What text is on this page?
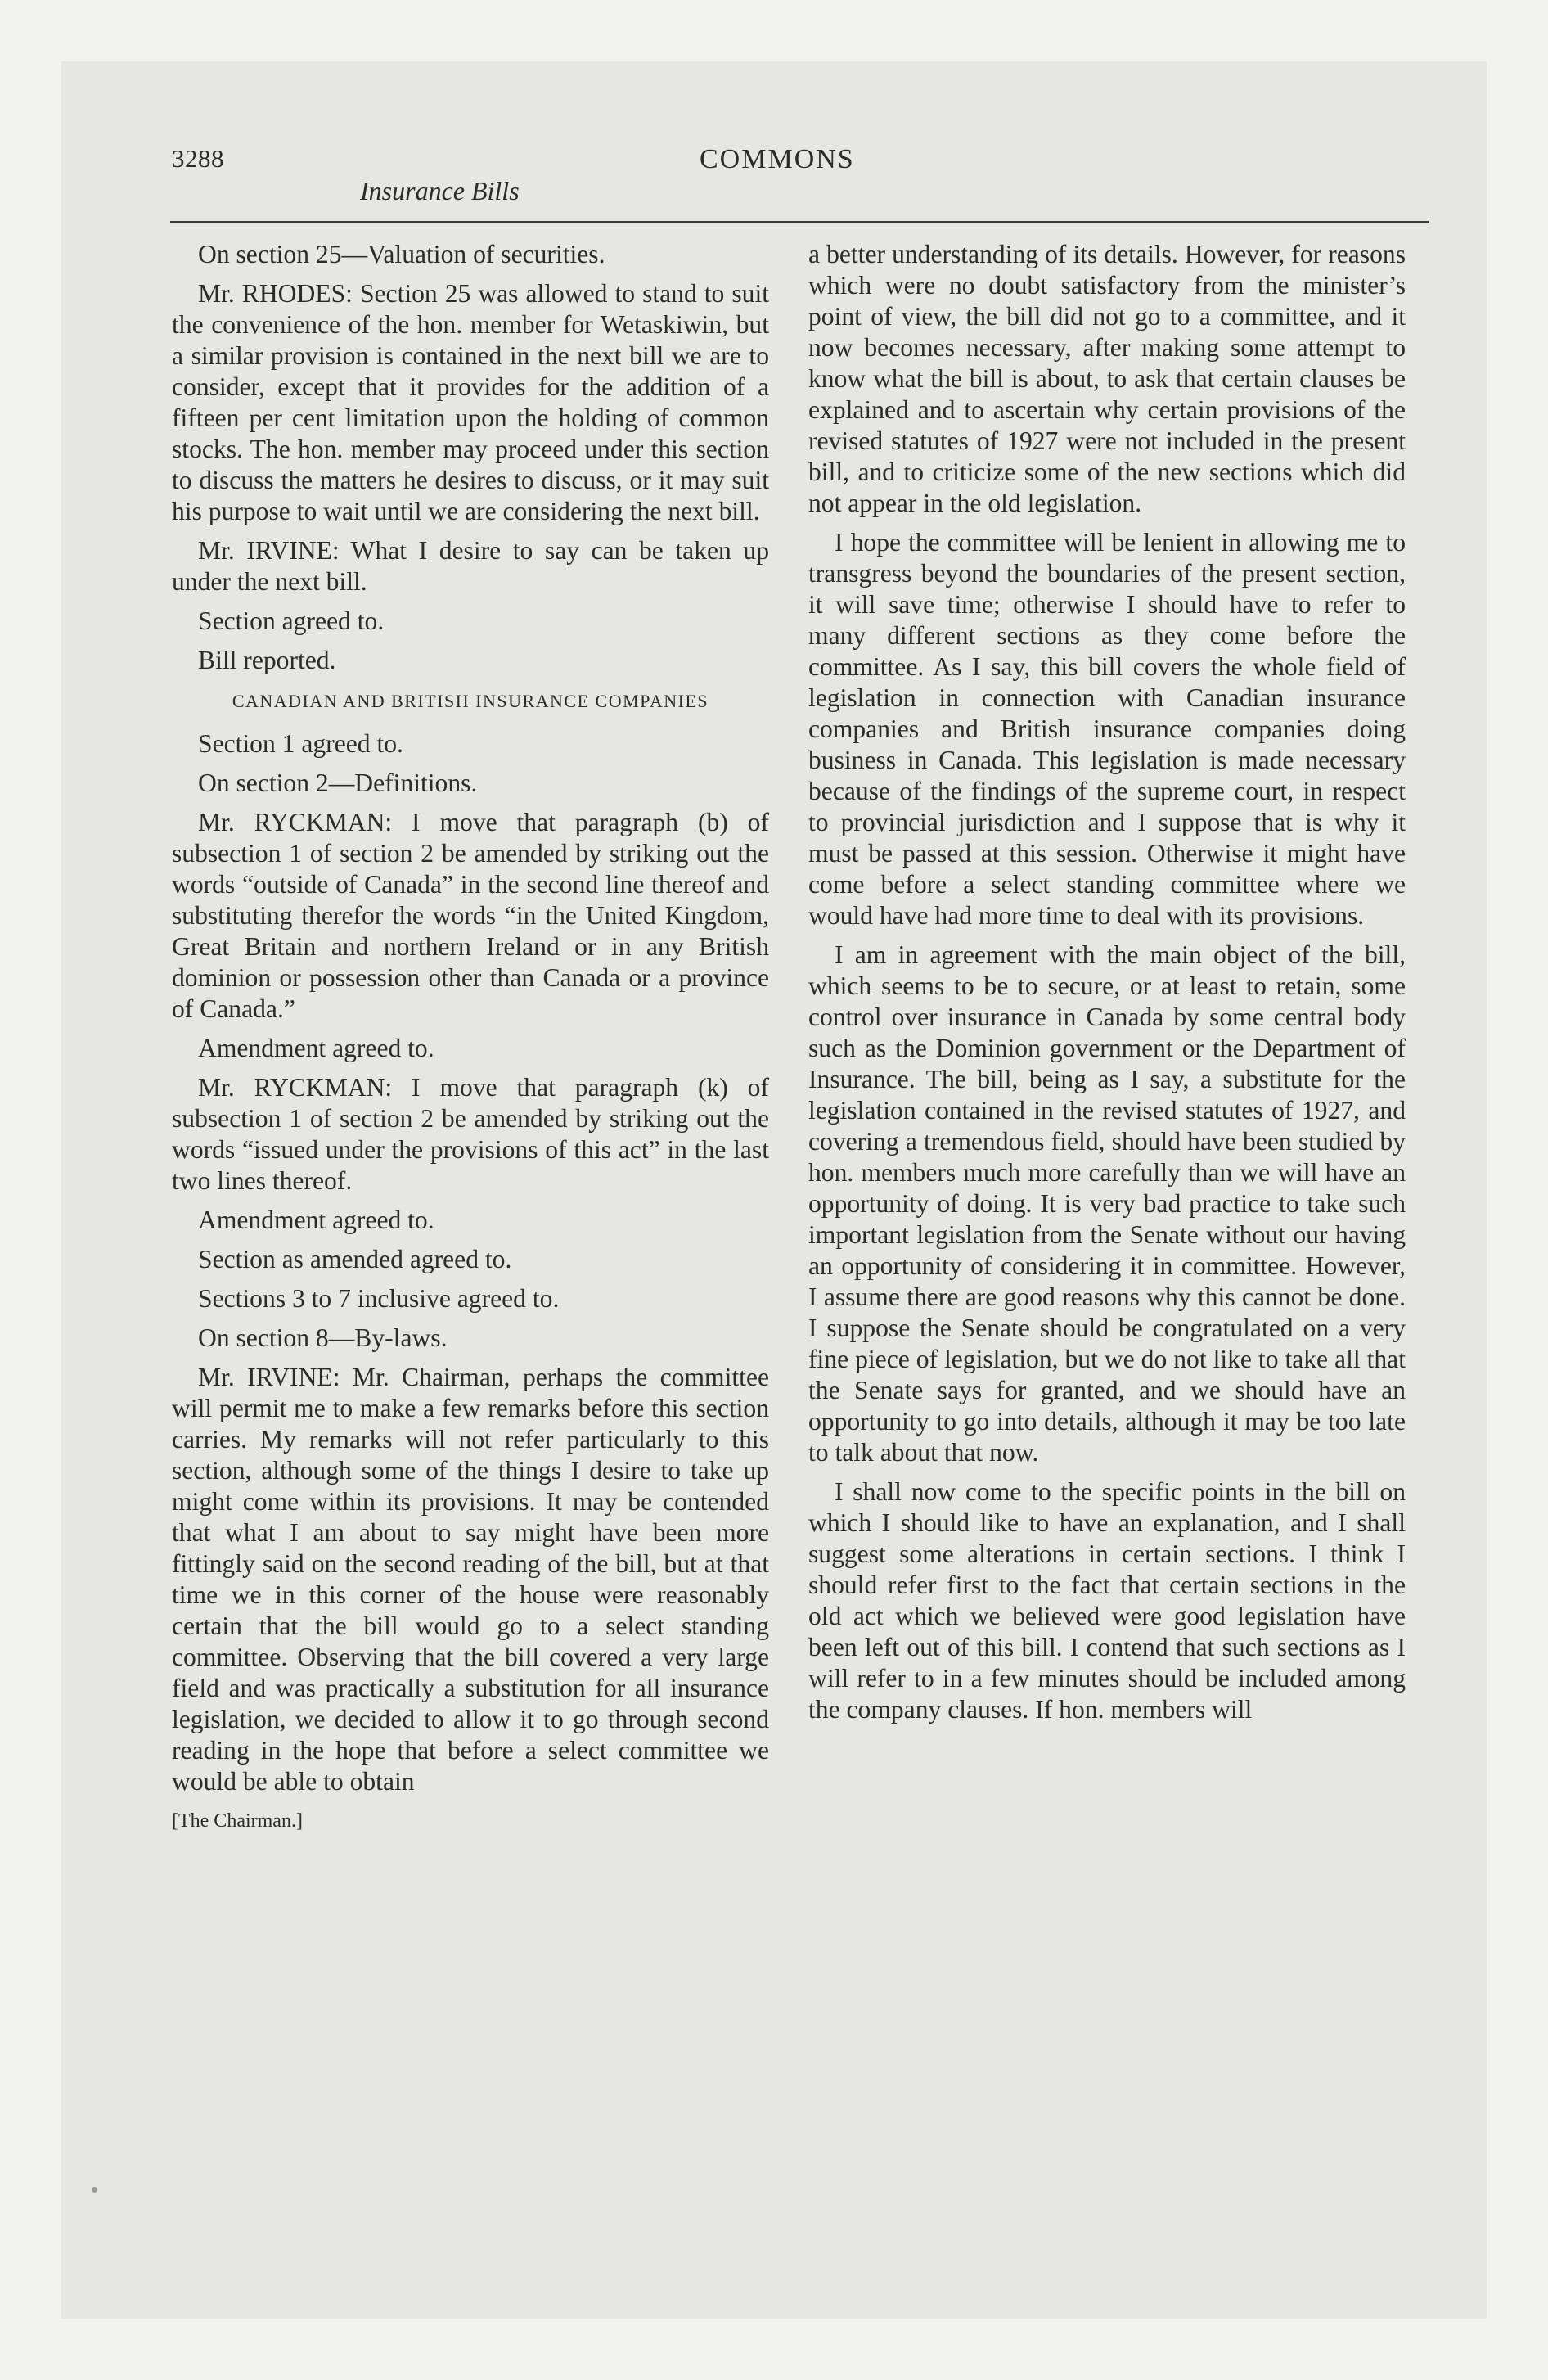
3288	COMMONS
Insurance Bills

On section 25—Valuation of securities.

Mr. RHODES: Section 25 was allowed to stand to suit the convenience of the hon. member for Wetaskiwin, but a similar provision is contained in the next bill we are to consider, except that it provides for the addition of a fifteen per cent limitation upon the holding of common stocks. The hon. member may proceed under this section to discuss the matters he desires to discuss, or it may suit his purpose to wait until we are considering the next bill.

Mr. IRVINE: What I desire to say can be taken up under the next bill.

Section agreed to.

Bill reported.

CANADIAN AND BRITISH INSURANCE COMPANIES

Section 1 agreed to.

On section 2—Definitions.

Mr. RYCKMAN: I move that paragraph (b) of subsection 1 of section 2 be amended by striking out the words “outside of Canada” in the second line thereof and substituting therefor the words “in the United Kingdom, Great Britain and northern Ireland or in any British dominion or possession other than Canada or a province of Canada.”

Amendment agreed to.

Mr. RYCKMAN: I move that paragraph (k) of subsection 1 of section 2 be amended by striking out the words “issued under the provisions of this act” in the last two lines thereof.

Amendment agreed to.

Section as amended agreed to.

Sections 3 to 7 inclusive agreed to.

On section 8—By-laws.

Mr. IRVINE: Mr. Chairman, perhaps the committee will permit me to make a few remarks before this section carries. My remarks will not refer particularly to this section, although some of the things I desire to take up might come within its provisions. It may be contended that what I am about to say might have been more fittingly said on the second reading of the bill, but at that time we in this corner of the house were reasonably certain that the bill would go to a select standing committee. Observing that the bill covered a very large field and was practically a substitution for all insurance legislation, we decided to allow it to go through second reading in the hope that before a select committee we would be able to obtain

[The Chairman.]

a better understanding of its details. However, for reasons which were no doubt satisfactory from the minister’s point of view, the bill did not go to a committee, and it now becomes necessary, after making some attempt to know what the bill is about, to ask that certain clauses be explained and to ascertain why certain provisions of the revised statutes of 1927 were not included in the present bill, and to criticize some of the new sections which did not appear in the old legislation.

I hope the committee will be lenient in allowing me to transgress beyond the boundaries of the present section, it will save time; otherwise I should have to refer to many different sections as they come before the committee. As I say, this bill covers the whole field of legislation in connection with Canadian insurance companies and British insurance companies doing business in Canada. This legislation is made necessary because of the findings of the supreme court, in respect to provincial jurisdiction and I suppose that is why it must be passed at this session. Otherwise it might have come before a select standing committee where we would have had more time to deal with its provisions.

I am in agreement with the main object of the bill, which seems to be to secure, or at least to retain, some control over insurance in Canada by some central body such as the Dominion government or the Department of Insurance. The bill, being as I say, a substitute for the legislation contained in the revised statutes of 1927, and covering a tremendous field, should have been studied by hon. members much more carefully than we will have an opportunity of doing. It is very bad practice to take such important legislation from the Senate without our having an opportunity of considering it in committee. However, I assume there are good reasons why this cannot be done. I suppose the Senate should be congratulated on a very fine piece of legislation, but we do not like to take all that the Senate says for granted, and we should have an opportunity to go into details, although it may be too late to talk about that now.

I shall now come to the specific points in the bill on which I should like to have an explanation, and I shall suggest some alterations in certain sections. I think I should refer first to the fact that certain sections in the old act which we believed were good legislation have been left out of this bill. I contend that such sections as I will refer to in a few minutes should be included among the company clauses. If hon. members will
